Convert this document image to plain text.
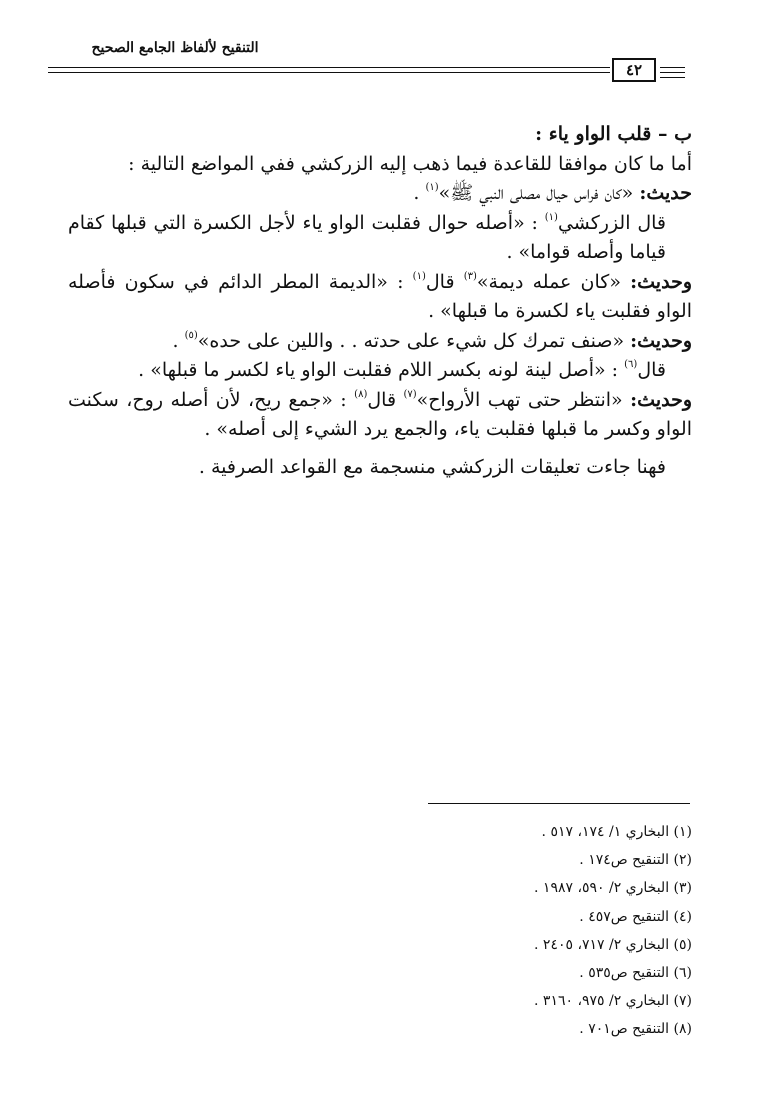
التنقيح لألفاظ الجامع الصحيح
٤٢

ب – قلب الواو ياء :

أما ما كان موافقا للقاعدة فيما ذهب إليه الزركشي ففي المواضع التالية :

حديث: «كان فراس حيال مصلى النبي ﷺ»$^{(١)}$ .

قال الزركشي$^{(١)}$ : «أصله حوال فقلبت الواو ياء لأجل الكسرة التي قبلها كقام قياما وأصله قواما» .

وحديث: «كان عمله ديمة»$^{(٣)}$ قال$^{(١)}$ : «الديمة المطر الدائم في سكون فأصله الواو فقلبت ياء لكسرة ما قبلها» .

وحديث: «صنف تمرك كل شيء على حدته . . واللين على حده»$^{(٥)}$ .

قال$^{(٦)}$ : «أصل لينة لونه بكسر اللام فقلبت الواو ياء لكسر ما قبلها» .

وحديث: «انتظر حتى تهب الأرواح»$^{(٧)}$ قال$^{(٨)}$ : «جمع ريح، لأن أصله روح، سكنت الواو وكسر ما قبلها فقلبت ياء، والجمع يرد الشيء إلى أصله» .

فهنا جاءت تعليقات الزركشي منسجمة مع القواعد الصرفية .

(١) البخاري ١/ ١٧٤، ٥١٧ .
(٢) التنقيح ص١٧٤ .
(٣) البخاري ٢/ ٥٩٠، ١٩٨٧ .
(٤) التنقيح ص٤٥٧ .
(٥) البخاري ٢/ ٧١٧، ٢٤٠٥ .
(٦) التنقيح ص٥٣٥ .
(٧) البخاري ٢/ ٩٧٥، ٣١٦٠ .
(٨) التنقيح ص٧٠١ .
